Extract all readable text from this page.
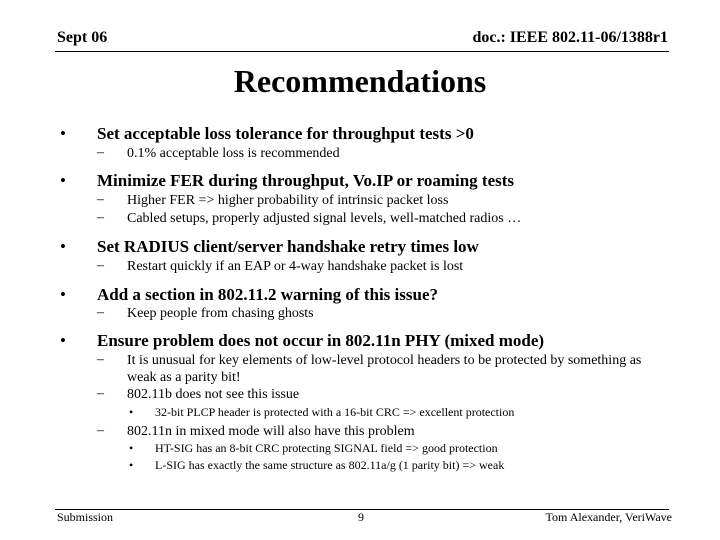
Sept 06	doc.: IEEE 802.11-06/1388r1
Recommendations
• Set acceptable loss tolerance for throughput tests >0
– 0.1% acceptable loss is recommended
• Minimize FER during throughput, Vo.IP or roaming tests
– Higher FER => higher probability of intrinsic packet loss
– Cabled setups, properly adjusted signal levels, well-matched radios …
• Set RADIUS client/server handshake retry times low
– Restart quickly if an EAP or 4-way handshake packet is lost
• Add a section in 802.11.2 warning of this issue?
– Keep people from chasing ghosts
• Ensure problem does not occur in 802.11n PHY (mixed mode)
– It is unusual for key elements of low-level protocol headers to be protected by something as weak as a parity bit!
– 802.11b does not see this issue
• 32-bit PLCP header is protected with a 16-bit CRC => excellent protection
– 802.11n in mixed mode will also have this problem
• HT-SIG has an 8-bit CRC protecting SIGNAL field => good protection
• L-SIG has exactly the same structure as 802.11a/g (1 parity bit) => weak
Submission	9	Tom Alexander, VeriWave
